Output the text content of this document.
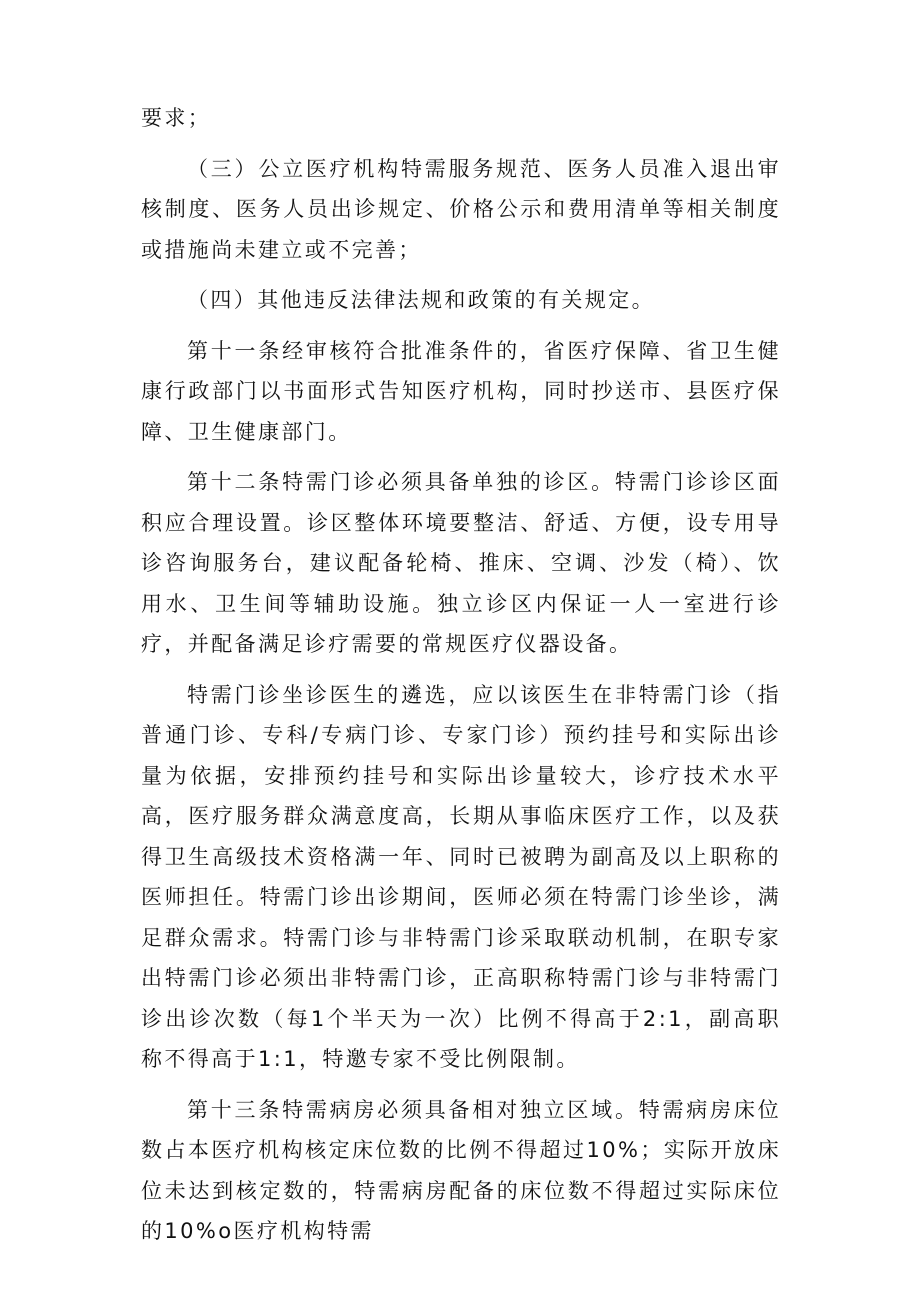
要求；

（三）公立医疗机构特需服务规范、医务人员准入退出审核制度、医务人员出诊规定、价格公示和费用清单等相关制度或措施尚未建立或不完善；

（四）其他违反法律法规和政策的有关规定。

第十一条经审核符合批准条件的，省医疗保障、省卫生健康行政部门以书面形式告知医疗机构，同时抄送市、县医疗保障、卫生健康部门。

第十二条特需门诊必须具备单独的诊区。特需门诊诊区面积应合理设置。诊区整体环境要整洁、舒适、方便，设专用导诊咨询服务台，建议配备轮椅、推床、空调、沙发（椅）、饮用水、卫生间等辅助设施。独立诊区内保证一人一室进行诊疗，并配备满足诊疗需要的常规医疗仪器设备。

特需门诊坐诊医生的遴选，应以该医生在非特需门诊（指普通门诊、专科/专病门诊、专家门诊）预约挂号和实际出诊量为依据，安排预约挂号和实际出诊量较大，诊疗技术水平高，医疗服务群众满意度高，长期从事临床医疗工作，以及获得卫生高级技术资格满一年、同时已被聘为副高及以上职称的医师担任。特需门诊出诊期间，医师必须在特需门诊坐诊，满足群众需求。特需门诊与非特需门诊采取联动机制，在职专家出特需门诊必须出非特需门诊，正高职称特需门诊与非特需门诊出诊次数（每1个半天为一次）比例不得高于2:1，副高职称不得高于1:1，特邀专家不受比例限制。

第十三条特需病房必须具备相对独立区域。特需病房床位数占本医疗机构核定床位数的比例不得超过10%；实际开放床位未达到核定数的，特需病房配备的床位数不得超过实际床位的10%o医疗机构特需
